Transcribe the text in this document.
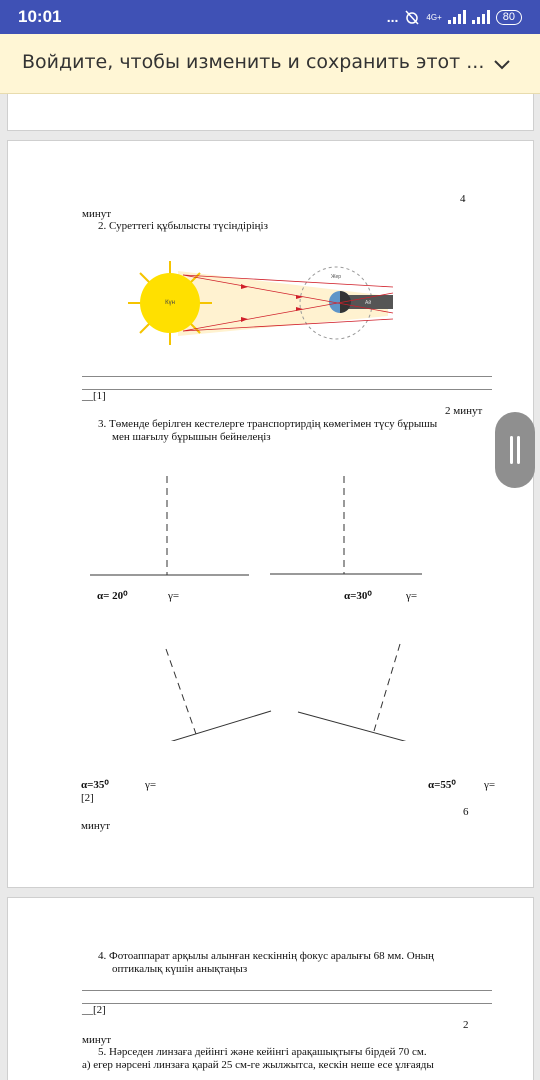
10:01	...	4G+	80
Войдите, чтобы изменить и сохранить этот ...
4
минут
2. Суреттегі құбылысты түсіндіріңіз
Күн
Жер
Ай
__[1]
2 минут
3. Төменде берілген кестелерге транспортирдің көмегімен түсу бұрышы
мен шағылу бұрышын бейнелеңіз
α= 20⁰	γ=	α=30⁰	γ=
α=35⁰	γ=	α=55⁰	γ=
[2]
6
минут
4. Фотоаппарат арқылы алынған кескіннің фокус аралығы 68 мм. Оның
оптикалық күшін анықтаңыз
__[2]
2
минут
5. Нәрседен линзаға дейінгі және кейінгі арақашықтығы бірдей 70 см.
а) егер нәрсені линзаға қарай 25 см-ге жылжытса, кескін неше есе ұлғаяды
